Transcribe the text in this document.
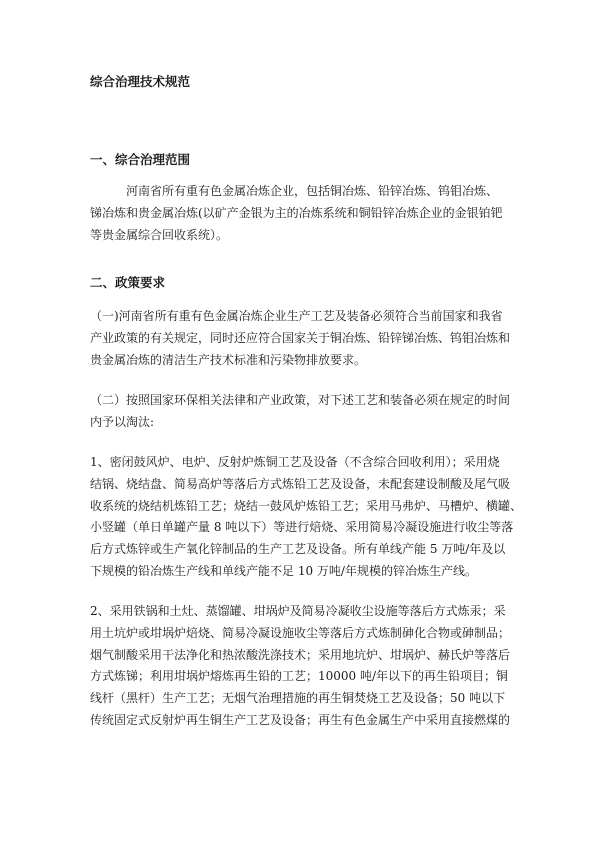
综合治理技术规范
一、综合治理范围
　　　河南省所有重有色金属冶炼企业，包括铜冶炼、铅锌冶炼、钨钼冶炼、
锑冶炼和贵金属冶炼(以矿产金银为主的冶炼系统和铜铅锌冶炼企业的金银铂钯
等贵金属综合回收系统）。
二、政策要求
（一)河南省所有重有色金属冶炼企业生产工艺及装备必须符合当前国家和我省
产业政策的有关规定，同时还应符合国家关于铜冶炼、铅锌锑冶炼、钨钼冶炼和
贵金属冶炼的清洁生产技术标准和污染物排放要求。
（二）按照国家环保相关法律和产业政策，对下述工艺和装备必须在规定的时间
内予以淘汰:
1、密闭鼓风炉、电炉、反射炉炼铜工艺及设备（不含综合回收利用）；采用烧
结锅、烧结盘、简易高炉等落后方式炼铅工艺及设备，未配套建设制酸及尾气吸
收系统的烧结机炼铅工艺；烧结一鼓风炉炼铅工艺；采用马弗炉、马槽炉、横罐、
小竖罐（单日单罐产量 8 吨以下）等进行焙烧、采用简易冷凝设施进行收尘等落
后方式炼锌或生产氧化锌制品的生产工艺及设备。所有单线产能 5 万吨/年及以
下规模的铅冶炼生产线和单线产能不足 10 万吨/年规模的锌冶炼生产线。
2、采用铁锅和土灶、蒸馏罐、坩埚炉及简易冷凝收尘设施等落后方式炼汞；采
用土坑炉或坩埚炉焙烧、简易冷凝设施收尘等落后方式炼制砷化合物或砷制品；
烟气制酸采用干法净化和热浓酸洗涤技术；采用地坑炉、坩埚炉、赫氏炉等落后
方式炼锑；利用坩埚炉熔炼再生铅的工艺；10000 吨/年以下的再生铅项目；铜
线杆（黑杆）生产工艺；无烟气治理措施的再生铜焚烧工艺及设备；50 吨以下
传统固定式反射炉再生铜生产工艺及设备；再生有色金属生产中采用直接燃煤的
